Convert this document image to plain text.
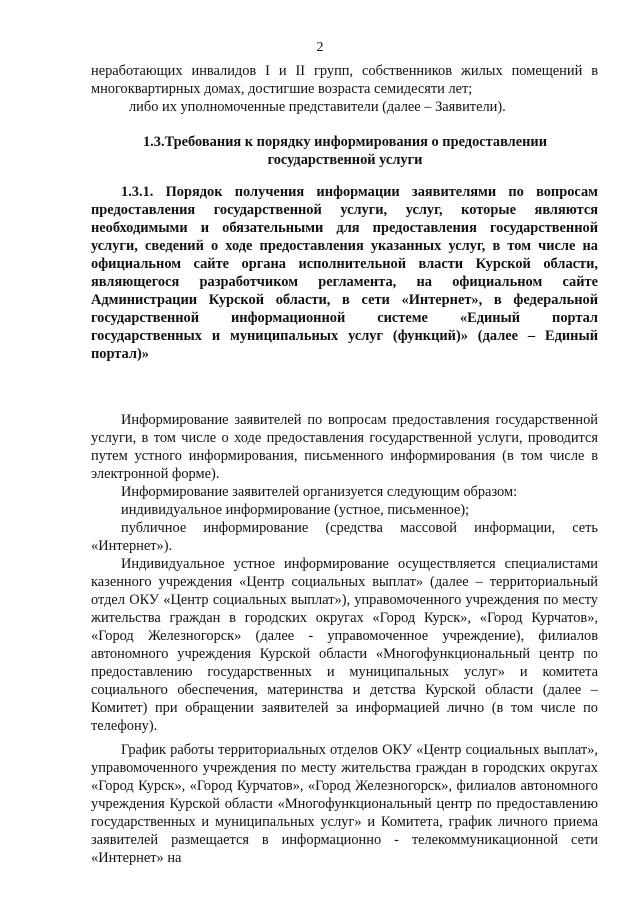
2

неработающих инвалидов I и II групп, собственников жилых помещений в многоквартирных домах, достигшие возраста семидесяти лет;

либо их уполномоченные представители (далее – Заявители).

1.3.Требования к порядку информирования о предоставлении государственной услуги
1.3.1. Порядок получения информации заявителями по вопросам предоставления государственной услуги, услуг, которые являются необходимыми и обязательными для предоставления государственной услуги, сведений о ходе предоставления указанных услуг, в том числе на официальном сайте органа исполнительной власти Курской области, являющегося разработчиком регламента, на официальном сайте Администрации Курской области, в сети «Интернет», в федеральной государственной информационной системе «Единый портал государственных и муниципальных услуг (функций)» (далее – Единый портал)»

Информирование заявителей по вопросам предоставления государственной услуги, в том числе о ходе предоставления государственной услуги, проводится путем устного информирования, письменного информирования (в том числе в электронной форме).

Информирование заявителей организуется следующим образом:

индивидуальное информирование (устное, письменное);

публичное информирование (средства массовой информации, сеть «Интернет»).

Индивидуальное устное информирование осуществляется специалистами казенного учреждения «Центр социальных выплат» (далее – территориальный отдел ОКУ «Центр социальных выплат»), управомоченного учреждения по месту жительства граждан в городских округах «Город Курск», «Город Курчатов», «Город Железногорск» (далее - управомоченное учреждение), филиалов автономного учреждения Курской области «Многофункциональный центр по предоставлению государственных и муниципальных услуг» и комитета социального обеспечения, материнства и детства Курской области (далее – Комитет) при обращении заявителей за информацией лично (в том числе по телефону).

График работы территориальных отделов ОКУ «Центр социальных выплат», управомоченного учреждения по месту жительства граждан в городских округах «Город Курск», «Город Курчатов», «Город Железногорск», филиалов автономного учреждения Курской области «Многофункциональный центр по предоставлению государственных и муниципальных услуг» и Комитета, график личного приема заявителей размещается в информационно - телекоммуникационной сети «Интернет» на
